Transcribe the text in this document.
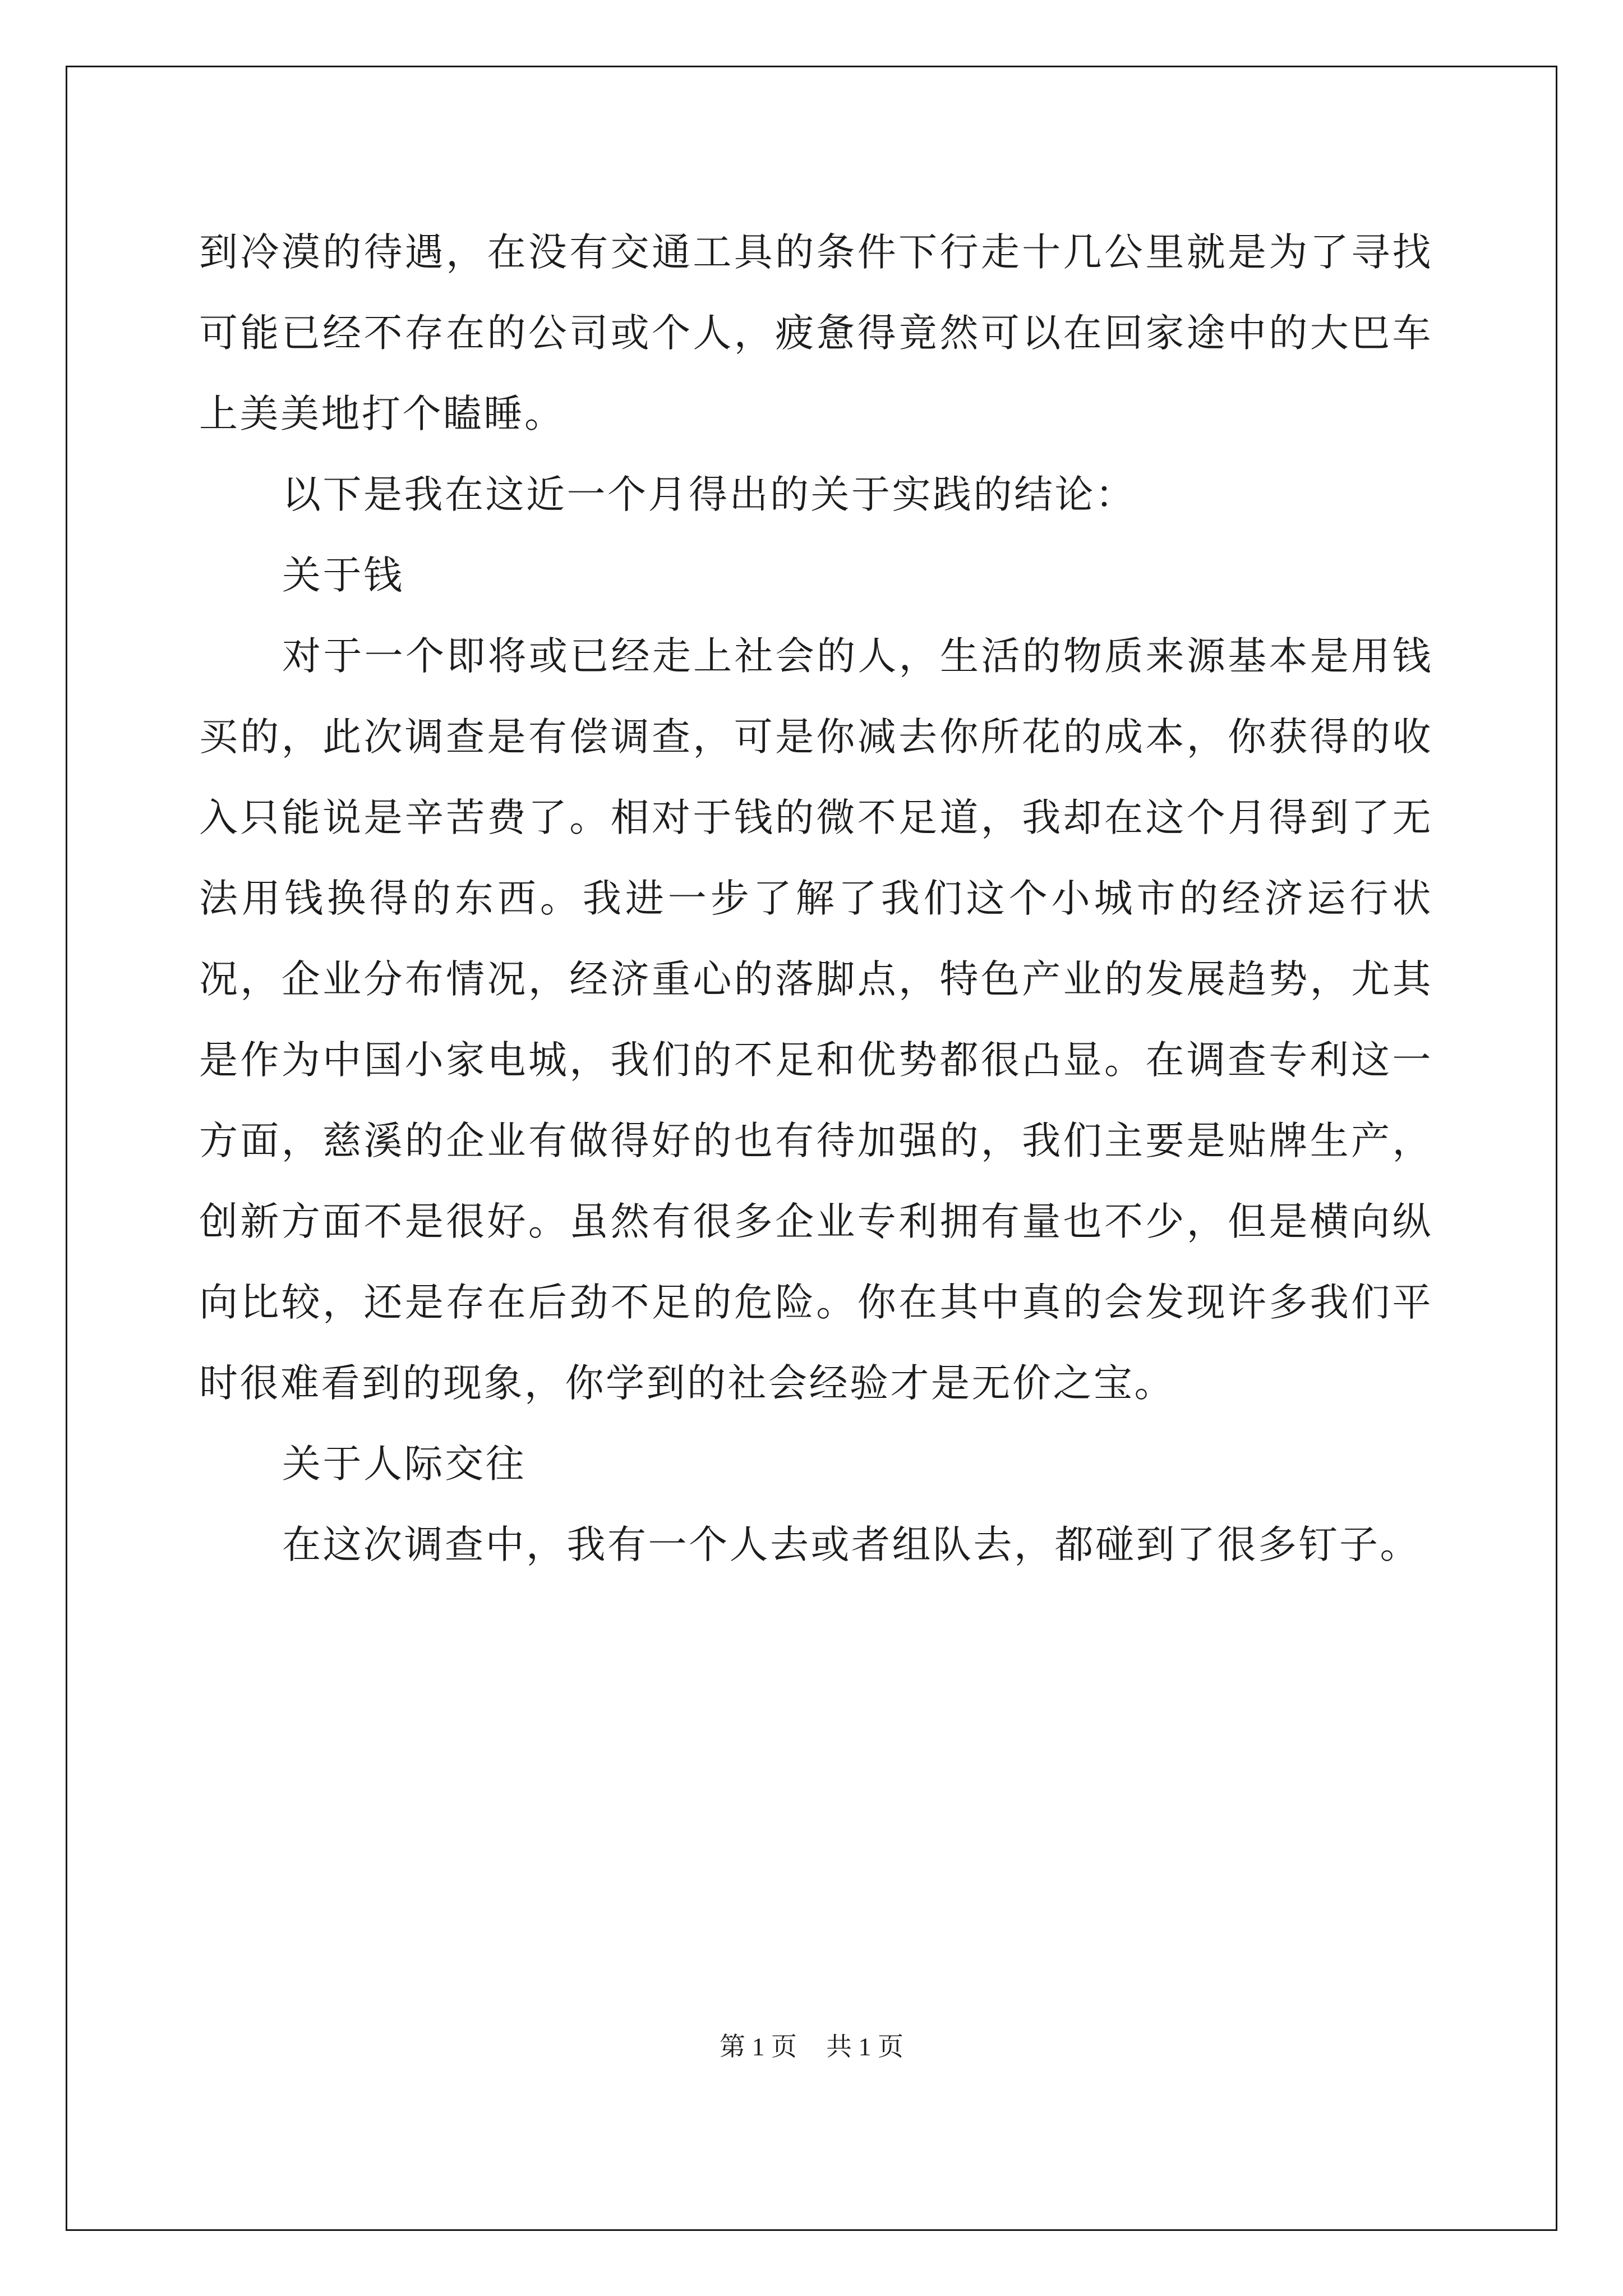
到冷漠的待遇，在没有交通工具的条件下行走十几公里就是为了寻找可能已经不存在的公司或个人，疲惫得竟然可以在回家途中的大巴车上美美地打个瞌睡。

以下是我在这近一个月得出的关于实践的结论：

关于钱

对于一个即将或已经走上社会的人，生活的物质来源基本是用钱买的，此次调查是有偿调查，可是你减去你所花的成本，你获得的收入只能说是辛苦费了。相对于钱的微不足道，我却在这个月得到了无法用钱换得的东西。我进一步了解了我们这个小城市的经济运行状况，企业分布情况，经济重心的落脚点，特色产业的发展趋势，尤其是作为中国小家电城，我们的不足和优势都很凸显。在调查专利这一方面，慈溪的企业有做得好的也有待加强的，我们主要是贴牌生产，创新方面不是很好。虽然有很多企业专利拥有量也不少，但是横向纵向比较，还是存在后劲不足的危险。你在其中真的会发现许多我们平时很难看到的现象，你学到的社会经验才是无价之宝。

关于人际交往

在这次调查中，我有一个人去或者组队去，都碰到了很多钉子。

第 1 页 共 1 页
